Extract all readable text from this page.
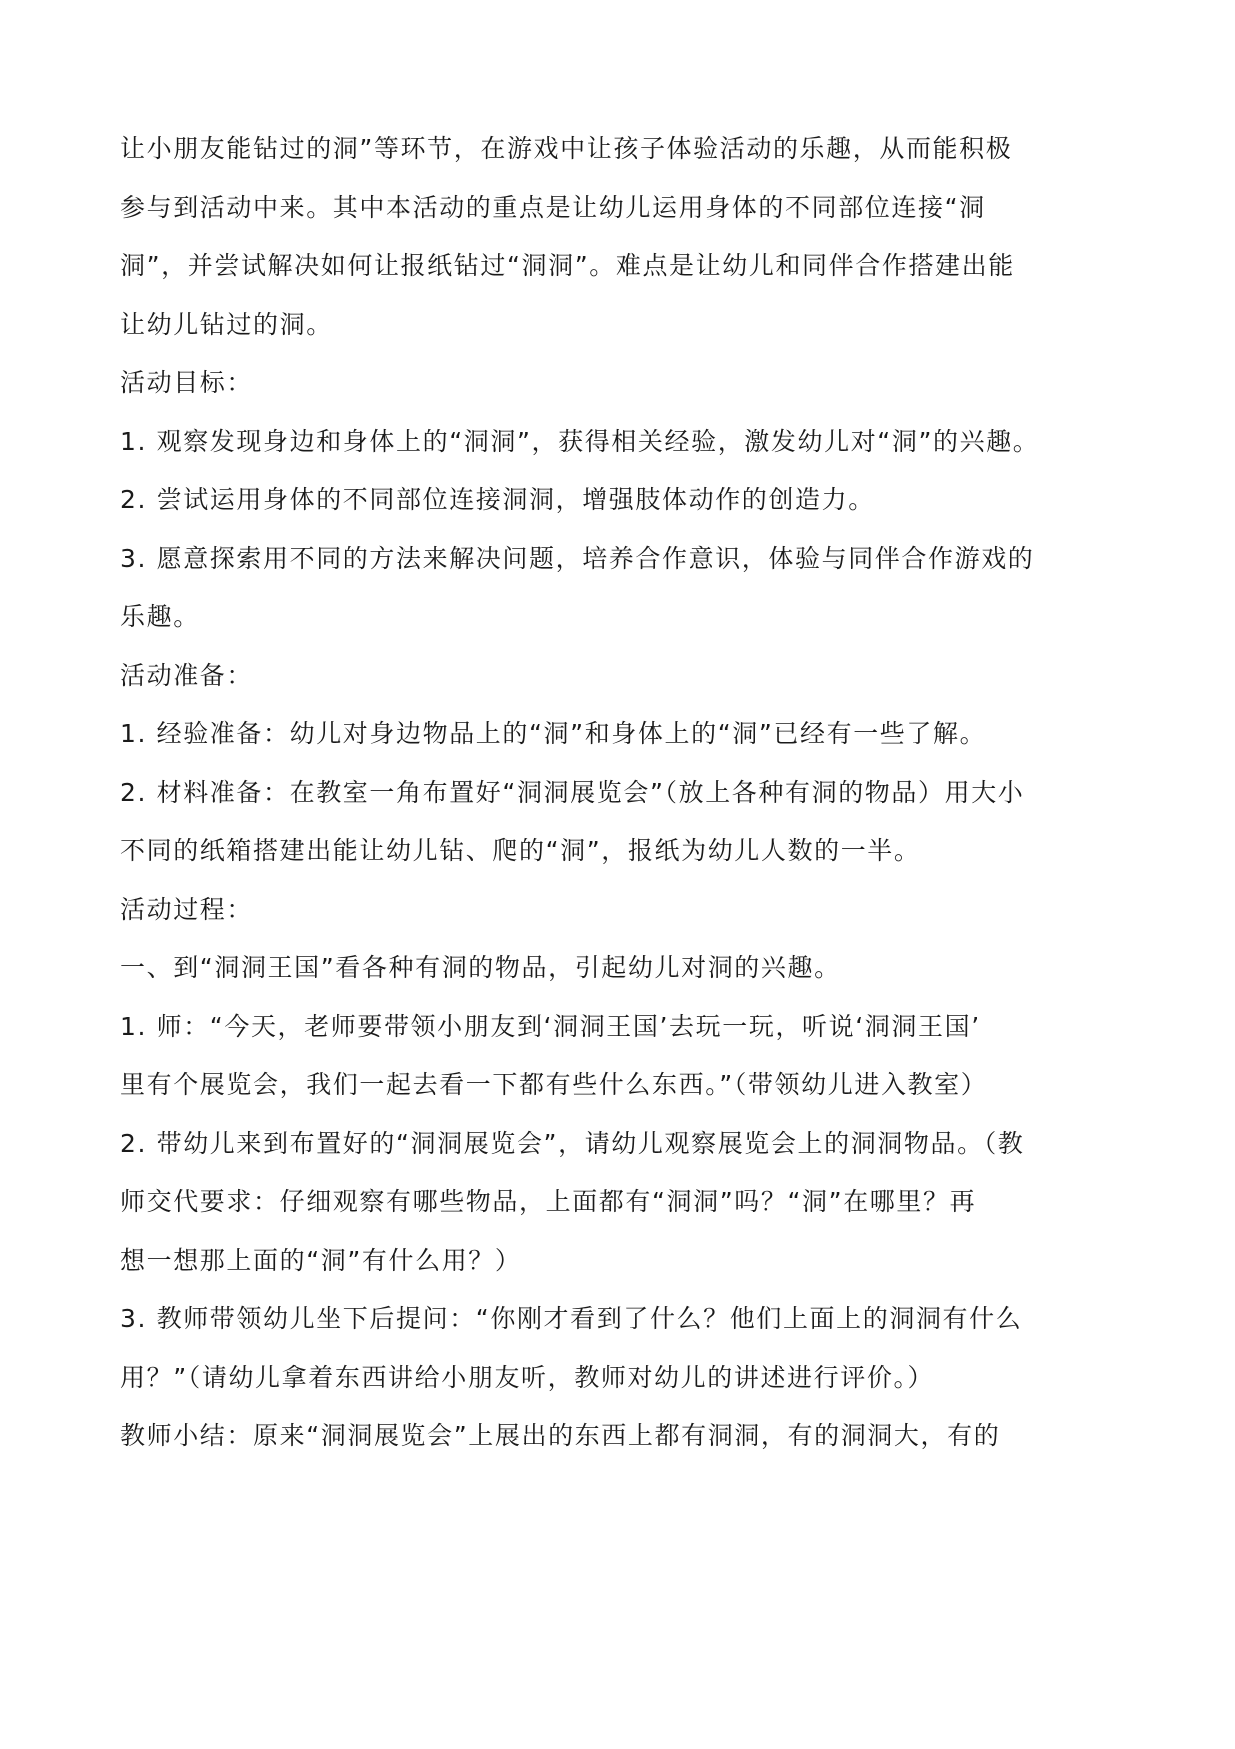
让小朋友能钻过的洞”等环节，在游戏中让孩子体验活动的乐趣，从而能积极
参与到活动中来。其中本活动的重点是让幼儿运用身体的不同部位连接“洞
洞”，并尝试解决如何让报纸钻过“洞洞”。难点是让幼儿和同伴合作搭建出能
让幼儿钻过的洞。
活动目标：
1. 观察发现身边和身体上的“洞洞”，获得相关经验，激发幼儿对“洞”的兴趣。
2. 尝试运用身体的不同部位连接洞洞，增强肢体动作的创造力。
3. 愿意探索用不同的方法来解决问题，培养合作意识，体验与同伴合作游戏的
乐趣。
活动准备：
1. 经验准备：幼儿对身边物品上的“洞”和身体上的“洞”已经有一些了解。
2. 材料准备：在教室一角布置好“洞洞展览会”（放上各种有洞的物品）用大小
不同的纸箱搭建出能让幼儿钻、爬的“洞”，报纸为幼儿人数的一半。
活动过程：
一、到“洞洞王国”看各种有洞的物品，引起幼儿对洞的兴趣。
1. 师：“今天，老师要带领小朋友到‘洞洞王国’去玩一玩，听说‘洞洞王国’
里有个展览会，我们一起去看一下都有些什么东西。”（带领幼儿进入教室）
2. 带幼儿来到布置好的“洞洞展览会”，请幼儿观察展览会上的洞洞物品。（教
师交代要求：仔细观察有哪些物品，上面都有“洞洞”吗？“洞”在哪里？再
想一想那上面的“洞”有什么用？）
3. 教师带领幼儿坐下后提问：“你刚才看到了什么？他们上面上的洞洞有什么
用？”（请幼儿拿着东西讲给小朋友听，教师对幼儿的讲述进行评价。）
教师小结：原来“洞洞展览会”上展出的东西上都有洞洞，有的洞洞大，有的
